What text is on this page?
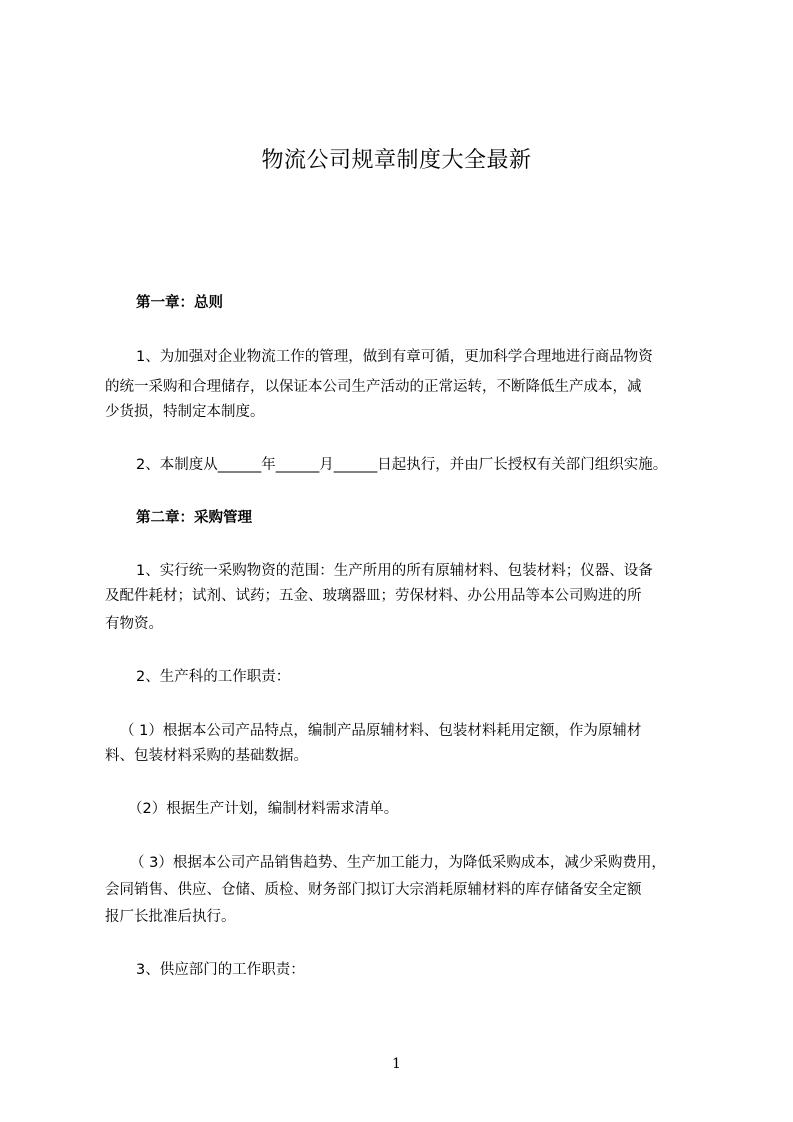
物流公司规章制度大全最新
第一章：总则
1、为加强对企业物流工作的管理，做到有章可循，更加科学合理地进行商品物资
的统一采购和合理储存，以保证本公司生产活动的正常运转，不断降低生产成本，减
少货损，特制定本制度。
2、本制度从______年______月______日起执行，并由厂长授权有关部门组织实施。
第二章：采购管理
1、实行统一采购物资的范围：生产所用的所有原辅材料、包装材料；仪器、设备
及配件耗材；试剂、试药；五金、玻璃器皿；劳保材料、办公用品等本公司购进的所
有物资。
2、生产科的工作职责：
（ 1）根据本公司产品特点，编制产品原辅材料、包装材料耗用定额，作为原辅材
料、包装材料采购的基础数据。
（2）根据生产计划，编制材料需求清单。
（ 3）根据本公司产品销售趋势、生产加工能力，为降低采购成本，减少采购费用，
会同销售、供应、仓储、质检、财务部门拟订大宗消耗原辅材料的库存储备安全定额
报厂长批准后执行。
3、供应部门的工作职责：
1
